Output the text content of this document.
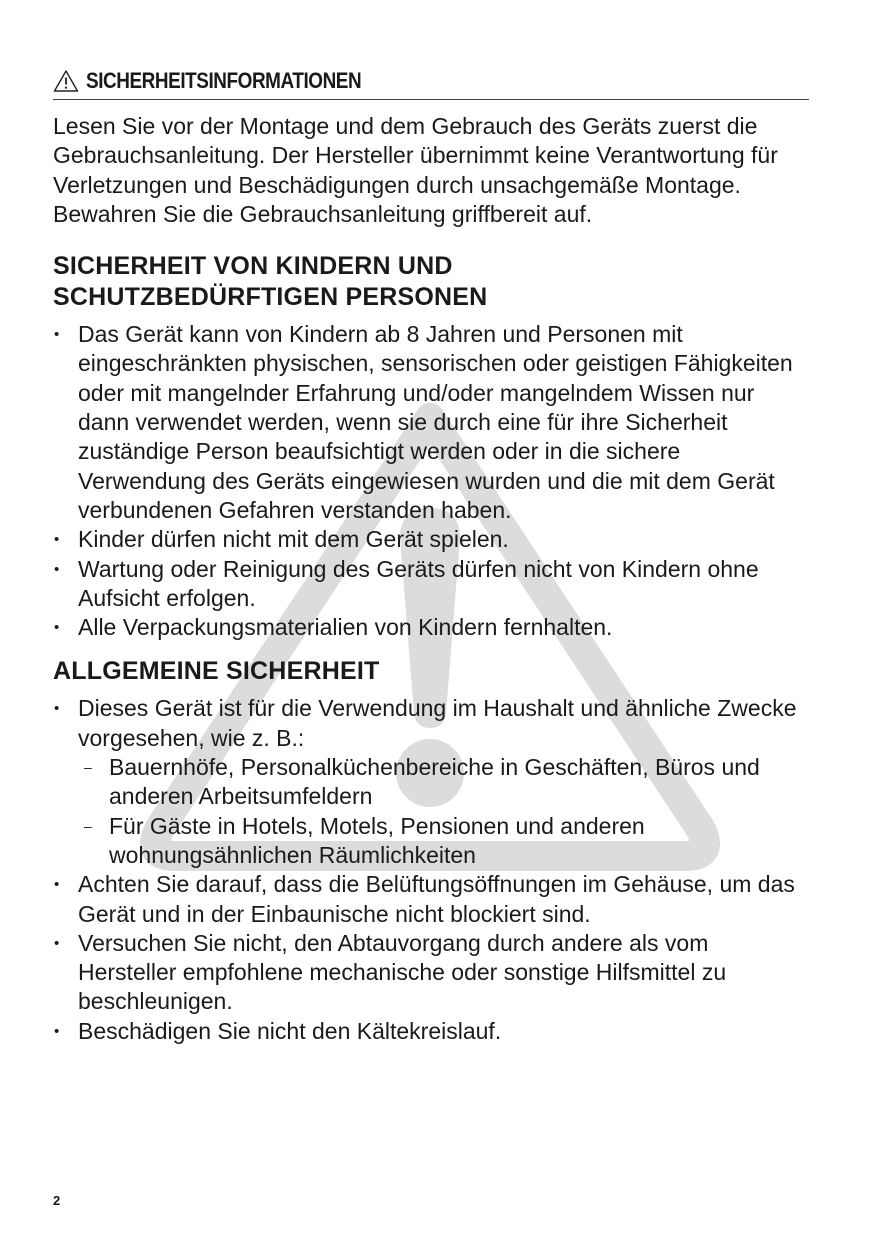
SICHERHEITSINFORMATIONEN

Lesen Sie vor der Montage und dem Gebrauch des Geräts zuerst die Gebrauchsanleitung. Der Hersteller übernimmt keine Verantwortung für Verletzungen und Beschädigungen durch unsachgemäße Montage. Bewahren Sie die Gebrauchsanleitung griffbereit auf.

SICHERHEIT VON KINDERN UND
SCHUTZBEDÜRFTIGEN PERSONEN
• Das Gerät kann von Kindern ab 8 Jahren und Personen mit eingeschränkten physischen, sensorischen oder geistigen Fähigkeiten oder mit mangelnder Erfahrung und/oder mangelndem Wissen nur dann verwendet werden, wenn sie durch eine für ihre Sicherheit zuständige Person beaufsichtigt werden oder in die sichere Verwendung des Geräts eingewiesen wurden und die mit dem Gerät verbundenen Gefahren verstanden haben.
• Kinder dürfen nicht mit dem Gerät spielen.
• Wartung oder Reinigung des Geräts dürfen nicht von Kindern ohne Aufsicht erfolgen.
• Alle Verpackungsmaterialien von Kindern fernhalten.
ALLGEMEINE SICHERHEIT
• Dieses Gerät ist für die Verwendung im Haushalt und ähnliche Zwecke vorgesehen, wie z. B.:
– Bauernhöfe, Personalküchenbereiche in Geschäften, Büros und anderen Arbeitsumfeldern
– Für Gäste in Hotels, Motels, Pensionen und anderen wohnungsähnlichen Räumlichkeiten
• Achten Sie darauf, dass die Belüftungsöffnungen im Gehäuse, um das Gerät und in der Einbaunische nicht blockiert sind.
• Versuchen Sie nicht, den Abtauvorgang durch andere als vom Hersteller empfohlene mechanische oder sonstige Hilfsmittel zu beschleunigen.
• Beschädigen Sie nicht den Kältekreislauf.
2
